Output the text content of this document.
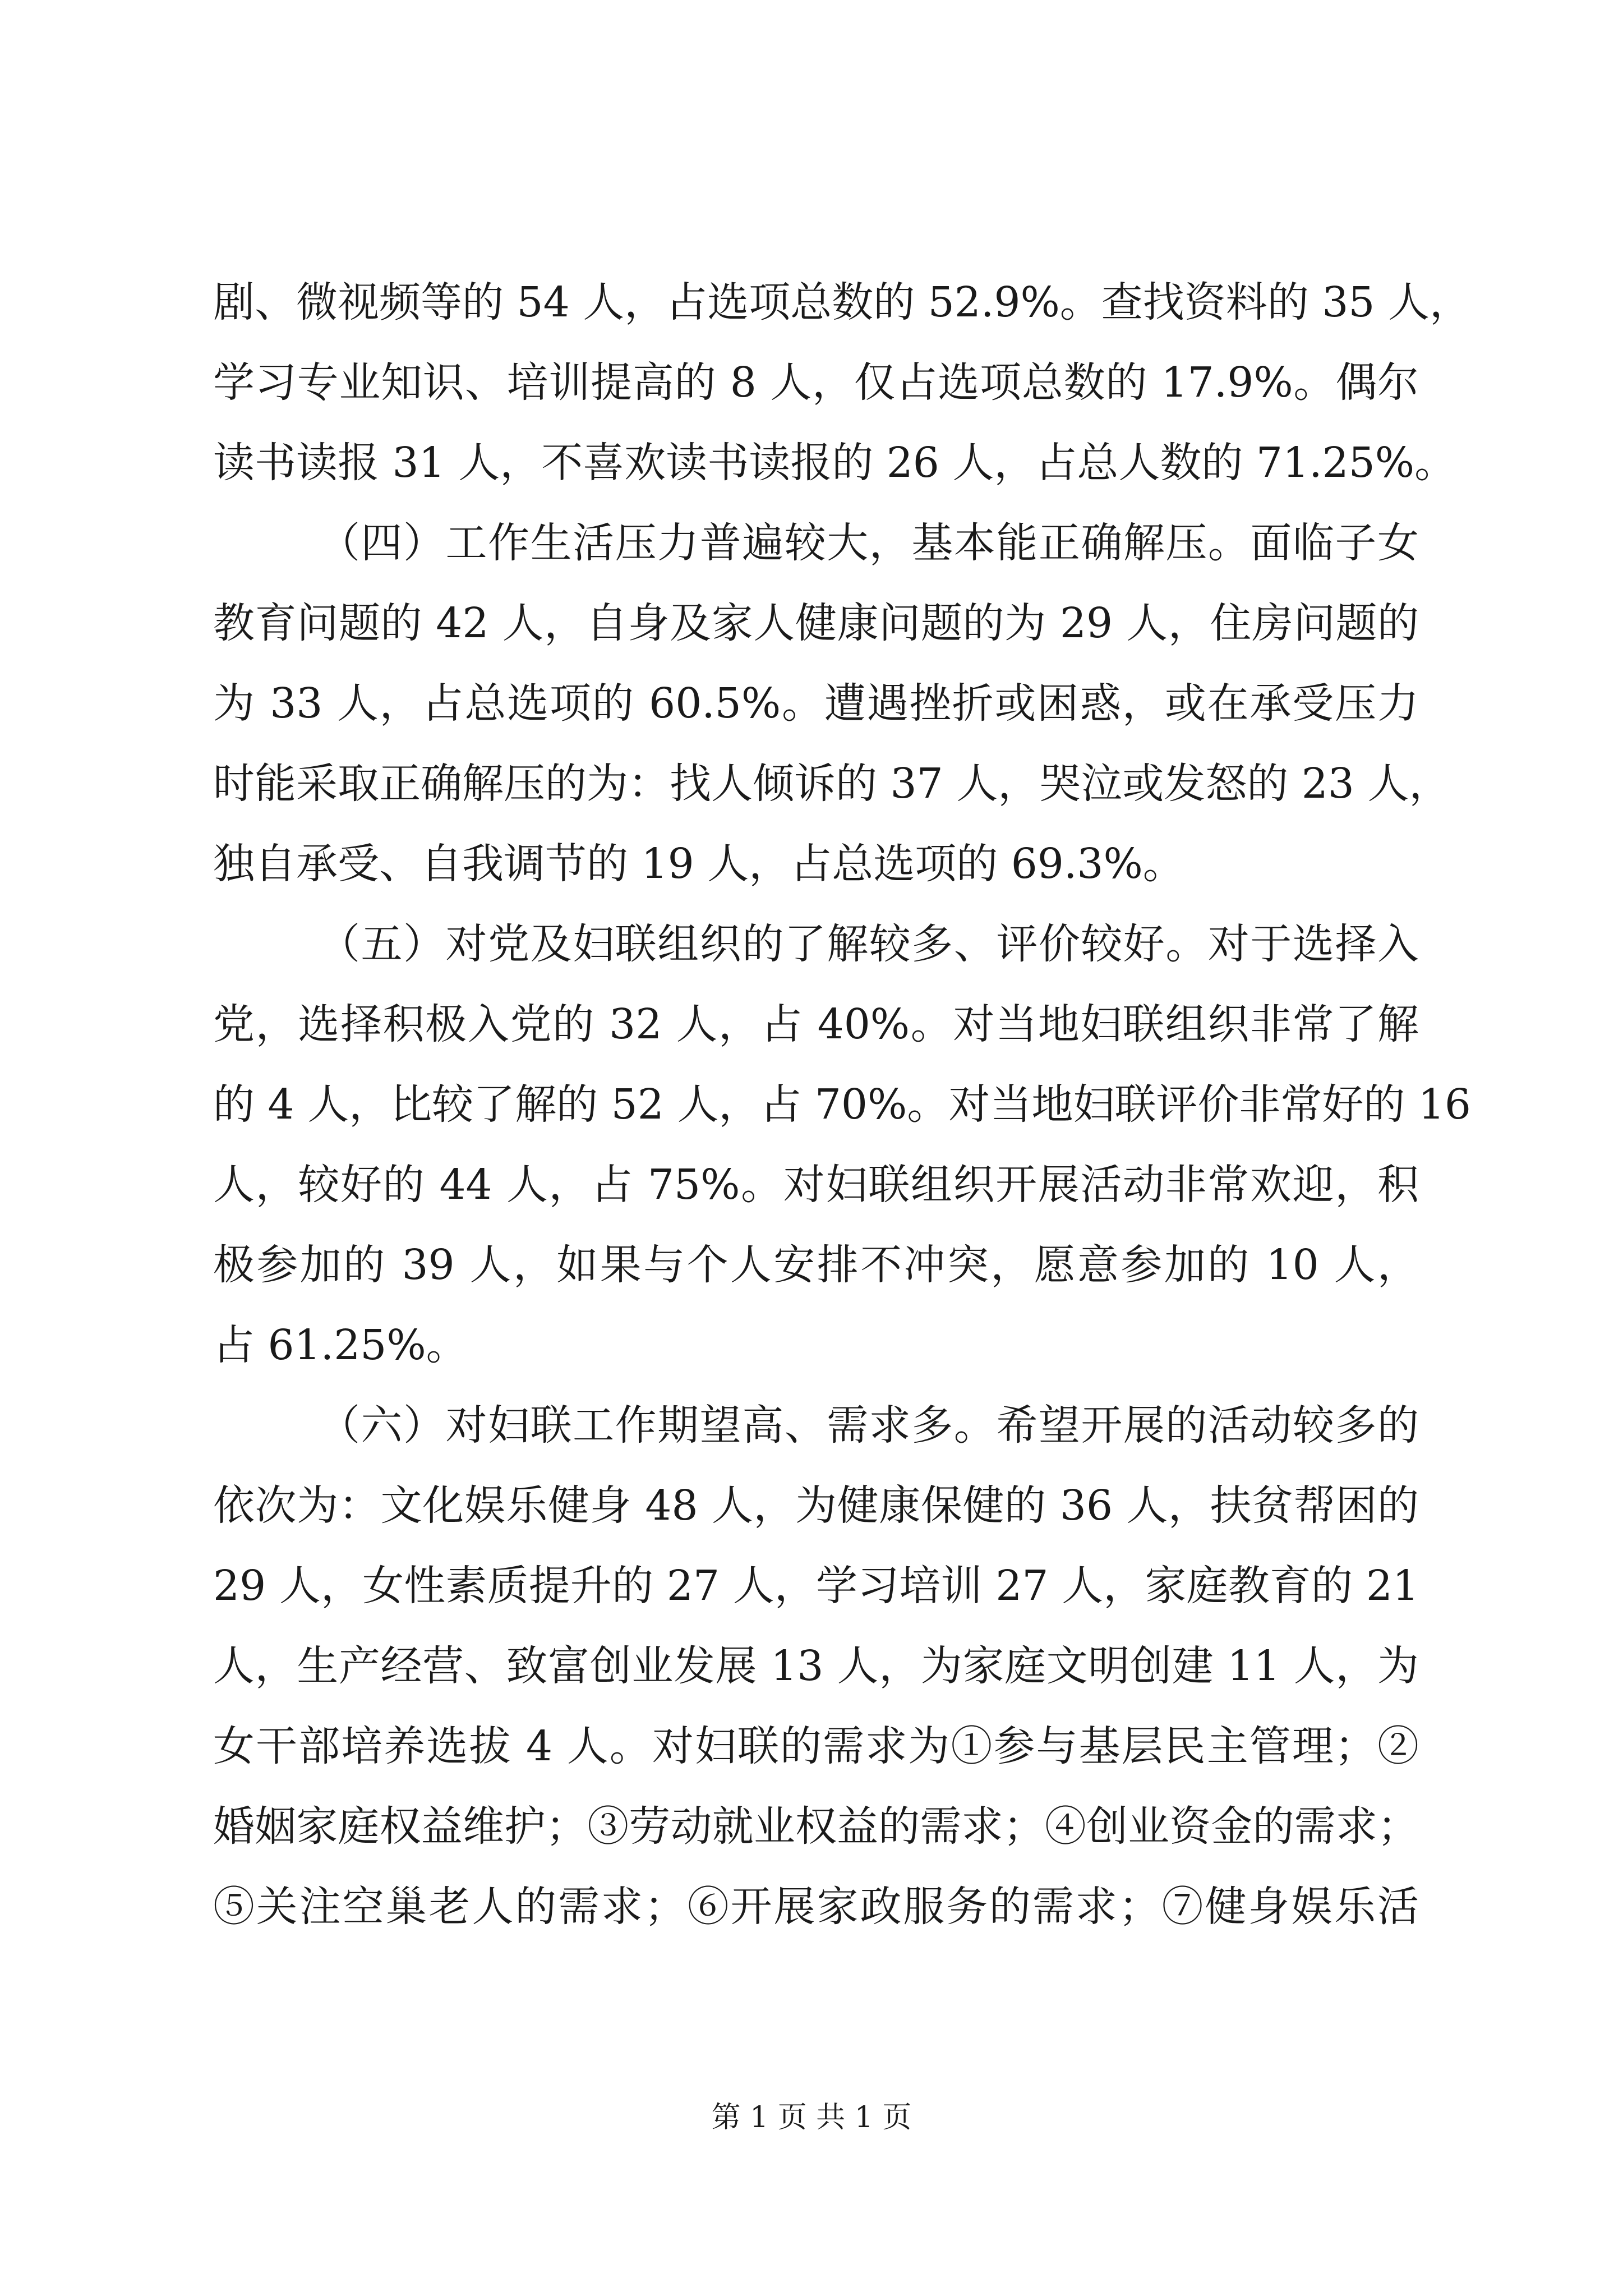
剧、微视频等的 54 人，占选项总数的 52.9%。查找资料的 35 人，
学习专业知识、培训提高的 8 人，仅占选项总数的 17.9%。偶尔
读书读报 31 人，不喜欢读书读报的 26 人，占总人数的 71.25%。
（四）工作生活压力普遍较大，基本能正确解压。面临子女
教育问题的 42 人，自身及家人健康问题的为 29 人，住房问题的
为 33 人，占总选项的 60.5%。遭遇挫折或困惑，或在承受压力
时能采取正确解压的为：找人倾诉的 37 人，哭泣或发怒的 23 人，
独自承受、自我调节的 19 人，占总选项的 69.3%。
（五）对党及妇联组织的了解较多、评价较好。对于选择入
党，选择积极入党的 32 人，占 40%。对当地妇联组织非常了解
的 4 人，比较了解的 52 人，占 70%。对当地妇联评价非常好的 16
人，较好的 44 人，占 75%。对妇联组织开展活动非常欢迎，积
极参加的 39 人，如果与个人安排不冲突，愿意参加的 10 人，
占 61.25%。
（六）对妇联工作期望高、需求多。希望开展的活动较多的
依次为：文化娱乐健身 48 人，为健康保健的 36 人，扶贫帮困的
29 人，女性素质提升的 27 人，学习培训 27 人，家庭教育的 21
人，生产经营、致富创业发展 13 人，为家庭文明创建 11 人，为
女干部培养选拔 4 人。对妇联的需求为①参与基层民主管理；②
婚姻家庭权益维护；③劳动就业权益的需求；④创业资金的需求；
⑤关注空巢老人的需求；⑥开展家政服务的需求；⑦健身娱乐活
第 1 页 共 1 页
